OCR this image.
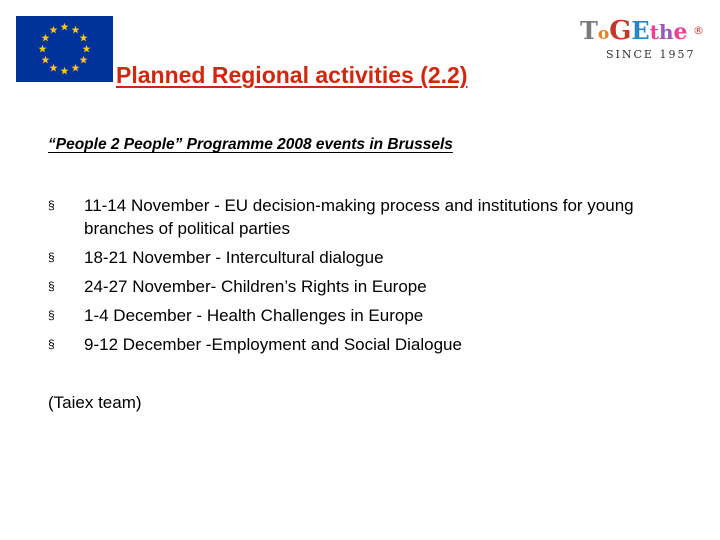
Planned Regional activities (2.2)
ToGEthe ®
SINCE 1957

“People 2 People” Programme 2008 events in Brussels

§ 11-14 November - EU decision-making process and institutions for young branches of political parties
§ 18-21 November - Intercultural dialogue
§ 24-27 November- Children’s Rights in Europe
§ 1-4 December - Health Challenges in Europe
§ 9-12 December -Employment and Social Dialogue

(Taiex team)
